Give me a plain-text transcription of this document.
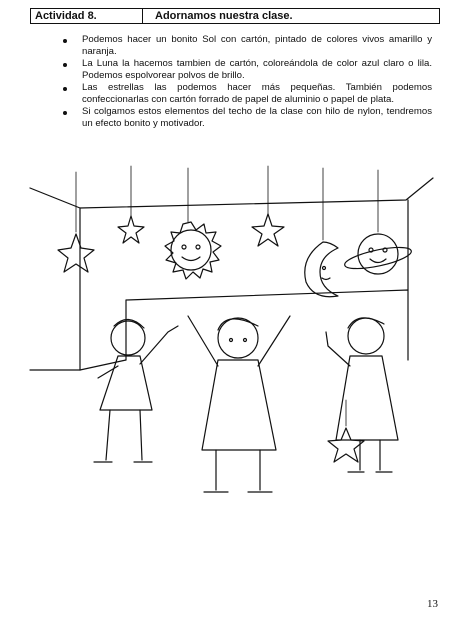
Actividad 8.	Adornamos nuestra clase.
Podemos hacer un bonito Sol con cartón, pintado de colores vivos amarillo y naranja.
La Luna la hacemos tambien de cartón, coloreándola de color azul claro o lila. Podemos espolvorear polvos de brillo.
Las estrellas las podemos hacer más pequeñas. También podemos confeccionarlas con cartón forrado de papel de aluminio o papel de plata.
Si colgamos estos elementos del techo de la clase con hilo de nylon, tendremos un efecto bonito y motivador.
13
